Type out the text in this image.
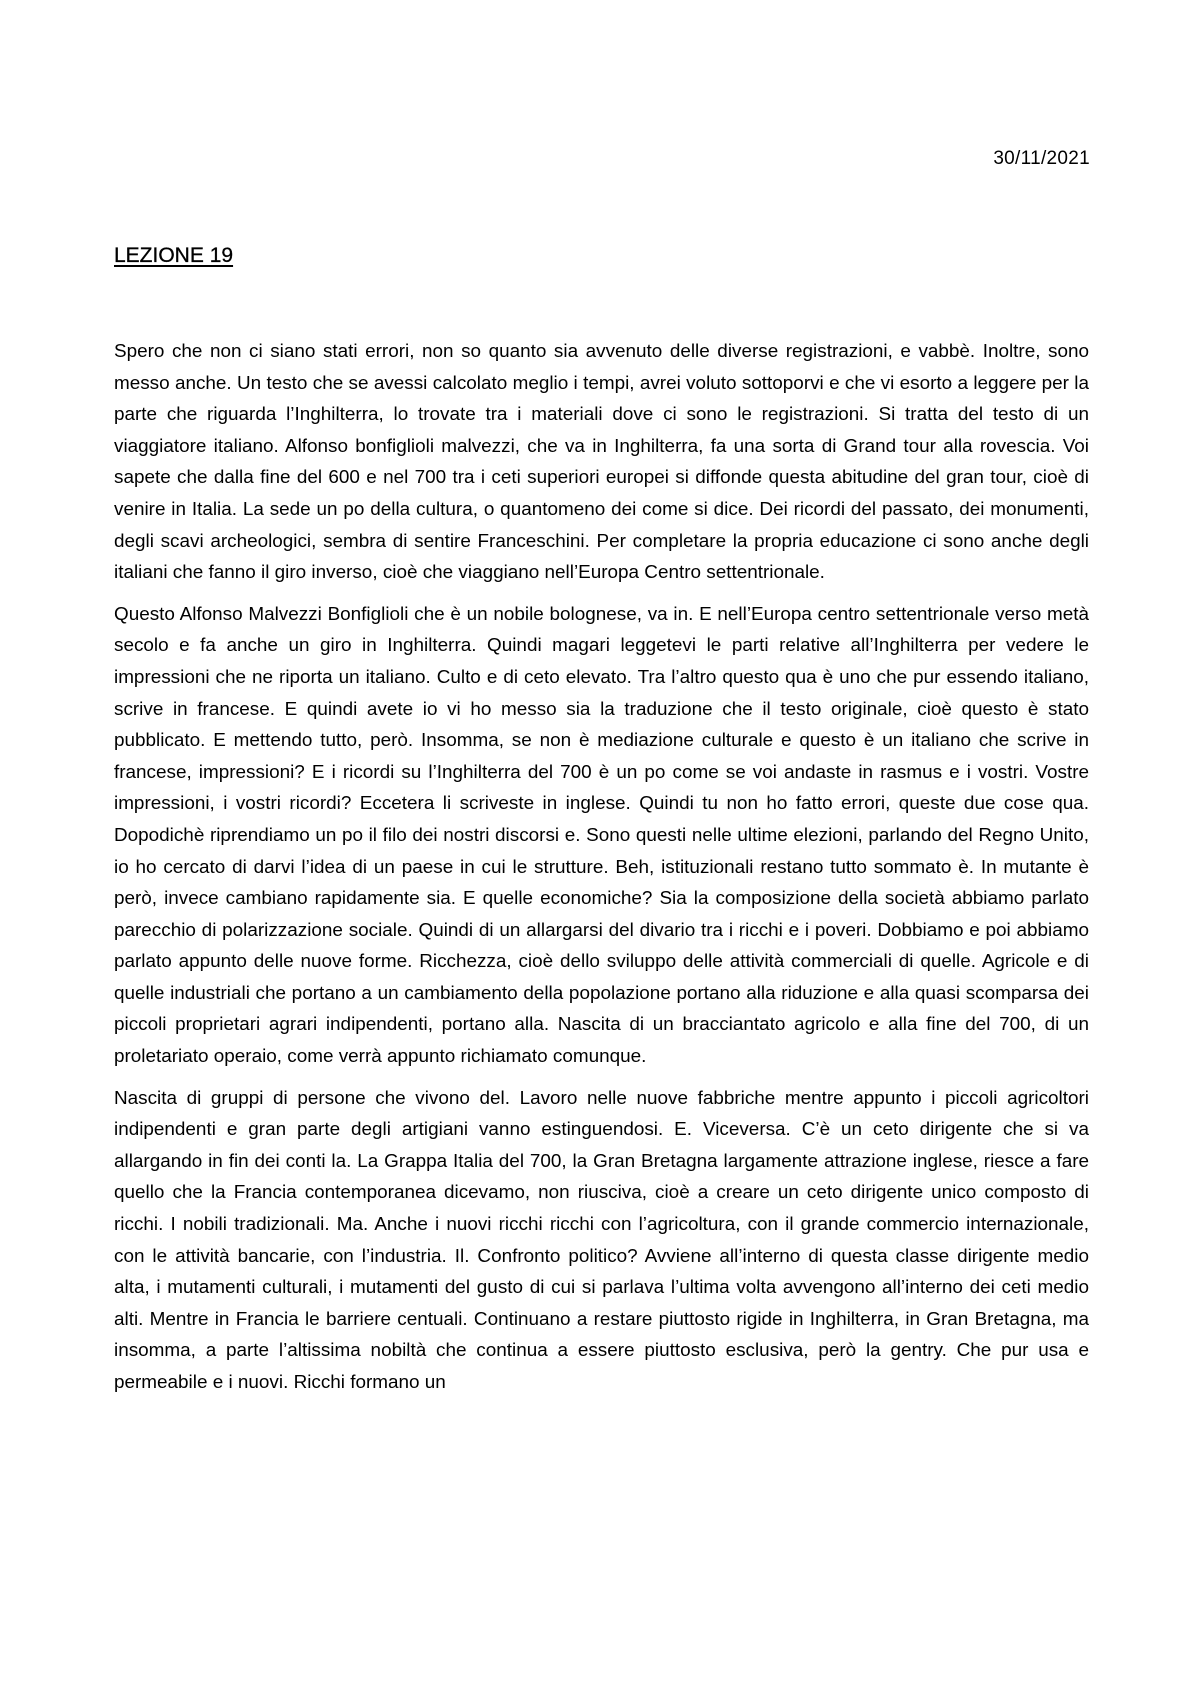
30/11/2021
LEZIONE 19

Spero che non ci siano stati errori, non so quanto sia avvenuto delle diverse registrazioni, e vabbè. Inoltre, sono messo anche. Un testo che se avessi calcolato meglio i tempi, avrei voluto sottoporvi e che vi esorto a leggere per la parte che riguarda l’Inghilterra, lo trovate tra i materiali dove ci sono le registrazioni. Si tratta del testo di un viaggiatore italiano. Alfonso bonfiglioli malvezzi, che va in Inghilterra, fa una sorta di Grand tour alla rovescia. Voi sapete che dalla fine del 600 e nel 700 tra i ceti superiori europei si diffonde questa abitudine del gran tour, cioè di venire in Italia. La sede un po della cultura, o quantomeno dei come si dice. Dei ricordi del passato, dei monumenti, degli scavi archeologici, sembra di sentire Franceschini. Per completare la propria educazione ci sono anche degli italiani che fanno il giro inverso, cioè che viaggiano nell’Europa Centro settentrionale.

Questo Alfonso Malvezzi Bonfiglioli che è un nobile bolognese, va in. E nell’Europa centro settentrionale verso metà secolo e fa anche un giro in Inghilterra. Quindi magari leggetevi le parti relative all’Inghilterra per vedere le impressioni che ne riporta un italiano. Culto e di ceto elevato. Tra l’altro questo qua è uno che pur essendo italiano, scrive in francese. E quindi avete io vi ho messo sia la traduzione che il testo originale, cioè questo è stato pubblicato. E mettendo tutto, però. Insomma, se non è mediazione culturale e questo è un italiano che scrive in francese, impressioni? E i ricordi su l’Inghilterra del 700 è un po come se voi andaste in rasmus e i vostri. Vostre impressioni, i vostri ricordi? Eccetera li scriveste in inglese. Quindi tu non ho fatto errori, queste due cose qua. Dopodichè riprendiamo un po il filo dei nostri discorsi e. Sono questi nelle ultime elezioni, parlando del Regno Unito, io ho cercato di darvi l’idea di un paese in cui le strutture. Beh, istituzionali restano tutto sommato è. In mutante è però, invece cambiano rapidamente sia. E quelle economiche? Sia la composizione della società abbiamo parlato parecchio di polarizzazione sociale. Quindi di un allargarsi del divario tra i ricchi e i poveri. Dobbiamo e poi abbiamo parlato appunto delle nuove forme. Ricchezza, cioè dello sviluppo delle attività commerciali di quelle. Agricole e di quelle industriali che portano a un cambiamento della popolazione portano alla riduzione e alla quasi scomparsa dei piccoli proprietari agrari indipendenti, portano alla. Nascita di un bracciantato agricolo e alla fine del 700, di un proletariato operaio, come verrà appunto richiamato comunque.

Nascita di gruppi di persone che vivono del. Lavoro nelle nuove fabbriche mentre appunto i piccoli agricoltori indipendenti e gran parte degli artigiani vanno estinguendosi. E. Viceversa. C’è un ceto dirigente che si va allargando in fin dei conti la. La Grappa Italia del 700, la Gran Bretagna largamente attrazione inglese, riesce a fare quello che la Francia contemporanea dicevamo, non riusciva, cioè a creare un ceto dirigente unico composto di ricchi. I nobili tradizionali. Ma. Anche i nuovi ricchi ricchi con l’agricoltura, con il grande commercio internazionale, con le attività bancarie, con l’industria. Il. Confronto politico? Avviene all’interno di questa classe dirigente medio alta, i mutamenti culturali, i mutamenti del gusto di cui si parlava l’ultima volta avvengono all’interno dei ceti medio alti. Mentre in Francia le barriere centuali. Continuano a restare piuttosto rigide in Inghilterra, in Gran Bretagna, ma insomma, a parte l’altissima nobiltà che continua a essere piuttosto esclusiva, però la gentry. Che pur usa e permeabile e i nuovi. Ricchi formano un
